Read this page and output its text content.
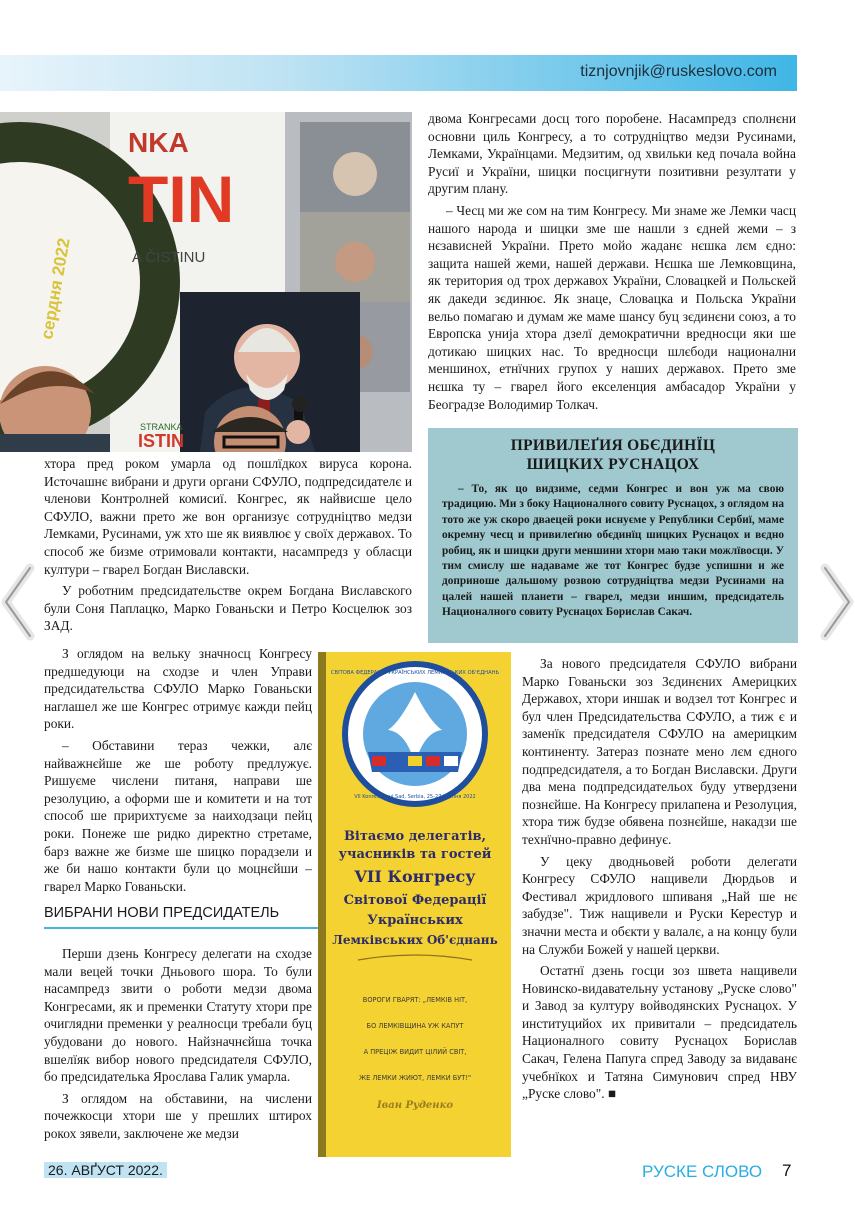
tiznjovnjik@ruskeslovo.com
NKA
TIN
A ČISTINU
сердня 2022
STRANKA
ISTIN

двома Конгресами досц того поробене. Насампредз сполнєни основни циль Конгресу, а то сотрудніцтво медзи Русинами, Лемками, Українцами. Медзитим, од хвильки кед почала война Русиї и України, шицки посцигнути позитивни резултати у другим плану.

– Чесц ми же сом на тим Конгресу. Ми знаме же Лемки часц нашого народа и шицки зме ше нашли з єдней жеми – з нєзависней України. Прето мойо жаданє нєшка лєм єдно: защита нашей жеми, нашей держави. Нєшка ше Лемковщина, як територия од трох державох України, Словацкей и Польскей як дакеди зєдинює. Як знаце, Словацка и Польска України вельо помагаю и думам же маме шансу буц зєдинєни союз, а то Европска униjа хтора дзелї демократични вредносци яки ше дотикаю шицких нас. То вредносци шлєбоди национални меншинох, етнїчних групох у наших державох. Прето зме нєшка ту – гварел його екселенция амбасадор України у Београдзе Володимир Толкач.

ПРИВИЛЕҐИЯ ОБЄДИНЇЦ
ШИЦКИХ РУСНАЦОХ

– То, як цо видзиме, седми Конгрес и вон уж ма свою традицию. Ми з боку Националного совиту Руснацох, з оглядом на тото же уж скоро дваецей роки иснуєме у Републики Сербиї, маме окремну чесц и привилеґию обєдинїц шицких Руснацох и вєдно робиц, як и шицки други меншини хтори маю таки можлївосци. У тим смислу ше надаваме же тот Конгрес будзе успишни и же доприноше дальшому розвою сотрудніцтва медзи Русинами на цалей нашей планети – гварел, медзи иншим, предсидатель Националного совиту Руснацох Борислав Сакач.

хтора пред роком умарла од пошлїдкох вируса корона. Источашнє вибрани и други органи СФУЛО, подпредсидателє и членови Контролней комисиї. Конгрес, як найвисше цело СФУЛО, важни прето же вон организує сотрудніцтво медзи Лемками, Русинами, уж хто ше як виявлює у своїх державох. То способ же бизме отримовали контакти, насампредз у обласци култури – гварел Богдан Виславски.

У роботним предсидательстве окрем Богдана Виславского були Соня Паплацко, Марко Гованьски и Петро Косцелюк зоз ЗАД.

З оглядом на вельку значносц Конгресу предшедуюци на сходзе и член Управи предсидательства СФУЛО Марко Гованьски наглашел же ше Конгрес отримує кажди пейц роки.

– Обставини тераз чежки, алє найважнєйше же ше роботу предлужує. Ришуєме числени питаня, направи ше резолуцию, а оформи ше и комитети и на тот способ ше пририхтуєме за наиходзаци пейц роки. Понеже ше ридко директно стретаме, барз важне же бизме ше шицко порадзели и же би нашо контакти були цо моцнєйши – гварел Марко Гованьски.

ВИБРАНИ НОВИ ПРЕДСИДАТЕЛЬ

Перши дзень Конгресу делегати на сходзе мали вецей точки Дньового шора. То були насампредз звити о роботи медзи двома Конгресами, як и пременки Статуту хтори пре очиглядни пременки у реалносци требали буц убудовани до нового. Найзначнєйша точка вшелїяк вибор нового предсидателя СФУЛО, бо предсидателька Ярослава Галик умарла.

З оглядом на обставини, на числени почежкосци хтори ше у прешлих штирох рокох зявели, заключене же медзи

СВІТОВА ФЕДЕРАЦІЯ УКРАЇНСЬКИХ ЛЕМКІВСЬКИХ ОБ'ЄДНАНЬ
VII Konres, Novi Sad, Serbia, 25-27 серпня 2022
Вітаємо делегатів,
учасників та гостей
VII Конгресу
Світової Федерації
Українських
Лемківських Об'єднань
ВОРОГИ ГВАРЯТ: „ЛЕМКІВ НІТ,
БО ЛЕМКІВЩИНА УЖ КАПУТ
А ПРЕЦІЖ ВИДИТ ЦІЛИЙ СВІТ,
ЖЕ ЛЕМКИ ЖИЮТ, ЛЕМКИ БУТ!"
Іван Руденко

За нового предсидателя СФУЛО вибрани Марко Гованьски зоз Зєдинєних Америцких Державох, хтори иншак и водзел тот Конгрес и бул член Предсидательства СФУЛО, а тиж є и заменїк предсидателя СФУЛО на америцким континенту. Затераз познате мено лєм єдного подпредсидателя, а то Богдан Виславски. Други два мена подпредсидательох буду утвердзени познєйше. На Конгресу прилапена и Резолуция, хтора тиж будзе обявена познєйше, накадзи ше технїчно-правно дефинує.

У цеку дводньовей роботи делегати Конгресу СФУЛО нащивели Дюрдьов и Фестивал жридлового шпиваня „Най ше нє забудзе". Тиж нащивели и Руски Керестур и значни места и обєкти у валалє, а на концу були на Служби Божей у нашей церкви.

Остатнї дзень госци зоз швета нащивели Новинско-видавательну установу „Руске слово" и Завод за културу войводянских Руснацох. У институцийох их привитали – предсидатель Националного совиту Руснацох Борислав Сакач, Гелена Папуга спред Заводу за видаванє учебнїкох и Татяна Симунович спред НВУ „Руске слово". ■

26. АВҐУСТ 2022.	РУСКЕ СЛОВО 7
